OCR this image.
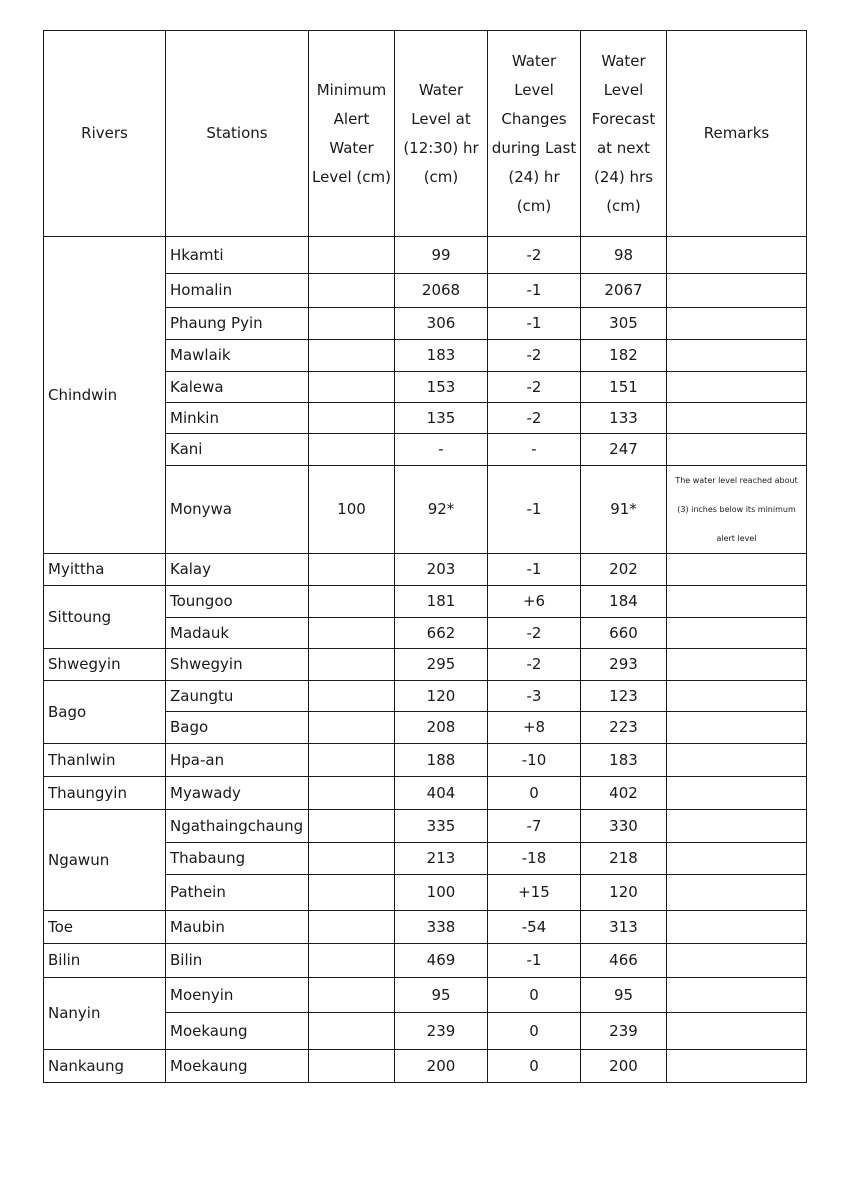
Rivers	Stations	Minimum Alert Water Level (cm)	Water Level at (12:30) hr (cm)	Water Level Changes during Last (24) hr (cm)	Water Level Forecast at next (24) hrs (cm)	Remarks
Chindwin	Hkamti		99	-2	98	
	Homalin		2068	-1	2067	
	Phaung Pyin		306	-1	305	
	Mawlaik		183	-2	182	
	Kalewa		153	-2	151	
	Minkin		135	-2	133	
	Kani		-	-	247	
	Monywa	100	92*	-1	91*	The water level reached about (3) inches below its minimum alert level
Myittha	Kalay		203	-1	202	
Sittoung	Toungoo		181	+6	184	
	Madauk		662	-2	660	
Shwegyin	Shwegyin		295	-2	293	
Bago	Zaungtu		120	-3	123	
	Bago		208	+8	223	
Thanlwin	Hpa-an		188	-10	183	
Thaungyin	Myawady		404	0	402	
Ngawun	Ngathaingchaung		335	-7	330	
	Thabaung		213	-18	218	
	Pathein		100	+15	120	
Toe	Maubin		338	-54	313	
Bilin	Bilin		469	-1	466	
Nanyin	Moenyin		95	0	95	
	Moekaung		239	0	239	
Nankaung	Moekaung		200	0	200	
